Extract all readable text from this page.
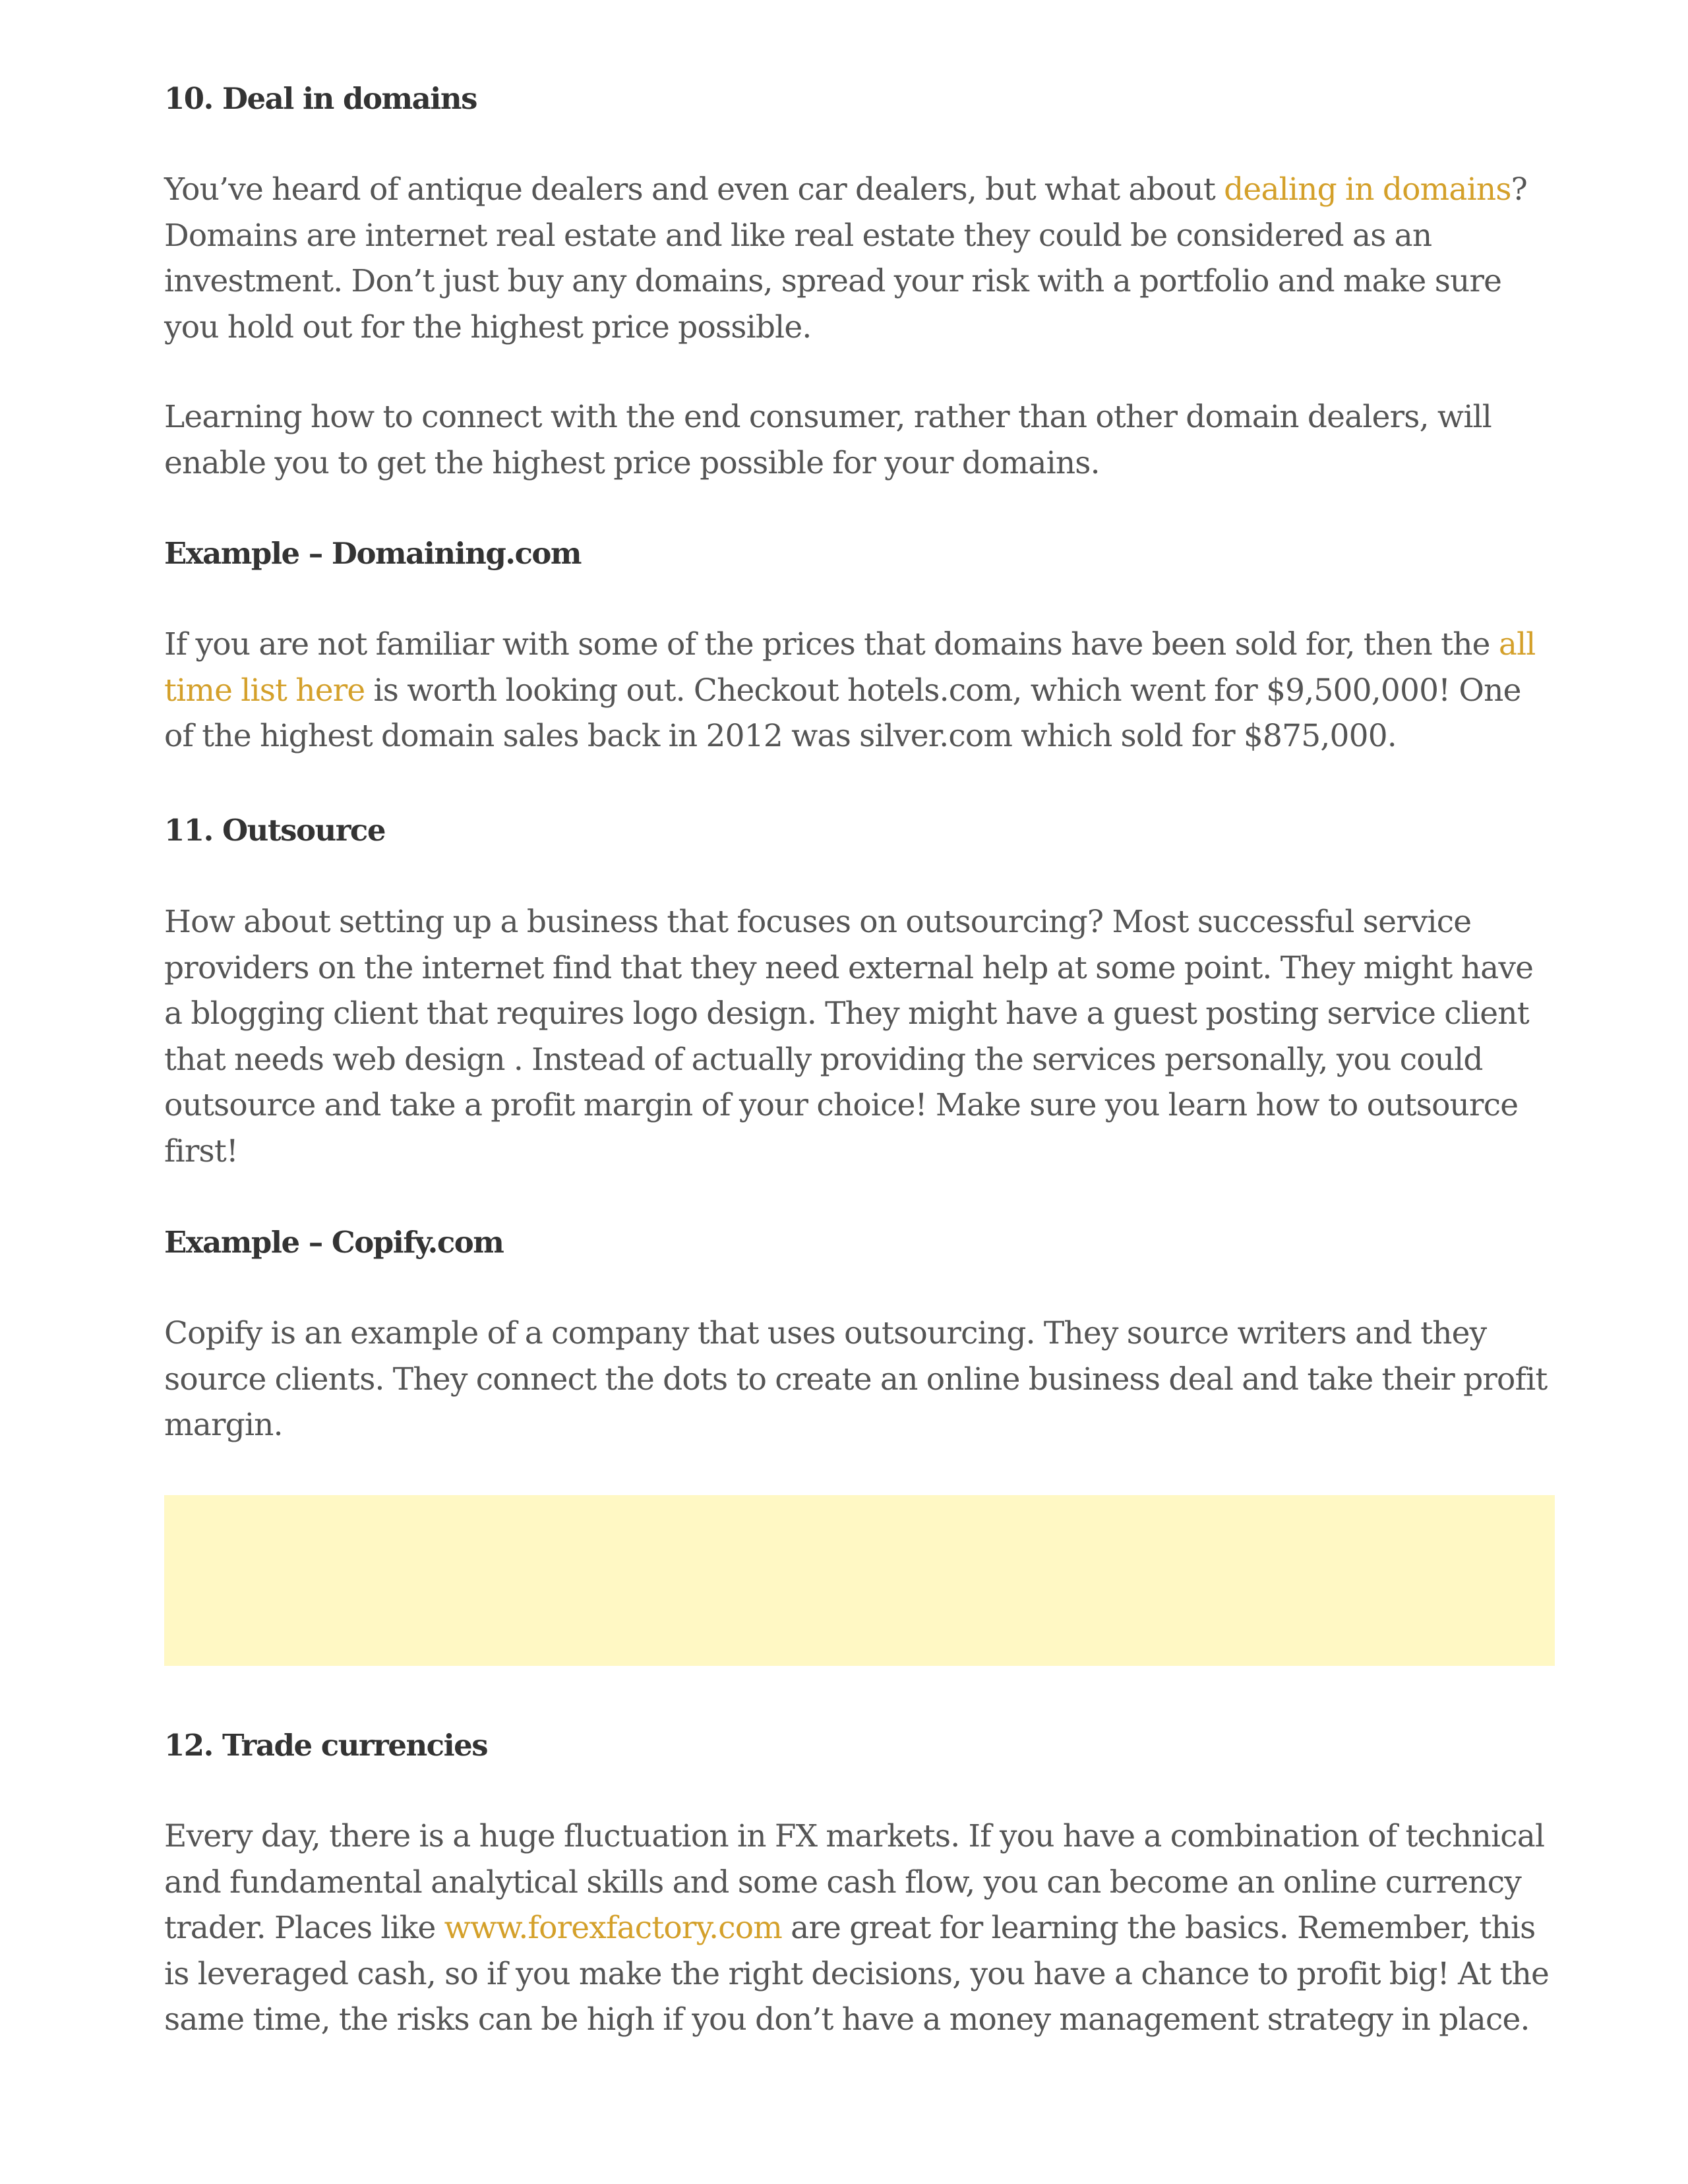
10. Deal in domains

You’ve heard of antique dealers and even car dealers, but what about dealing in domains? Domains are internet real estate and like real estate they could be considered as an investment. Don’t just buy any domains, spread your risk with a portfolio and make sure you hold out for the highest price possible.

Learning how to connect with the end consumer, rather than other domain dealers, will enable you to get the highest price possible for your domains.

Example – Domaining.com

If you are not familiar with some of the prices that domains have been sold for, then the all time list here is worth looking out. Checkout hotels.com, which went for $9,500,000! One of the highest domain sales back in 2012 was silver.com which sold for $875,000.

11. Outsource

How about setting up a business that focuses on outsourcing? Most successful service providers on the internet find that they need external help at some point. They might have a blogging client that requires logo design. They might have a guest posting service client that needs web design . Instead of actually providing the services personally, you could outsource and take a profit margin of your choice! Make sure you learn how to outsource first!

Example – Copify.com

Copify is an example of a company that uses outsourcing. They source writers and they source clients. They connect the dots to create an online business deal and take their profit margin.

12. Trade currencies

Every day, there is a huge fluctuation in FX markets. If you have a combination of technical and fundamental analytical skills and some cash flow, you can become an online currency trader. Places like www.forexfactory.com are great for learning the basics. Remember, this is leveraged cash, so if you make the right decisions, you have a chance to profit big! At the same time, the risks can be high if you don’t have a money management strategy in place.
